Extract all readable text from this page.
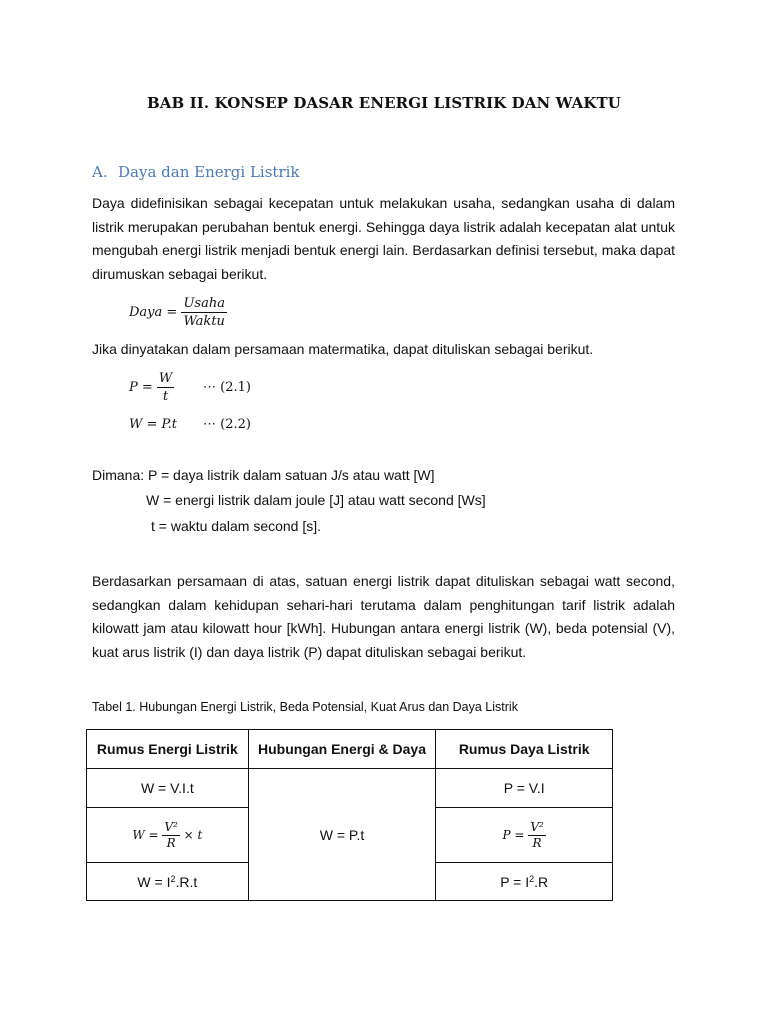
BAB II. KONSEP DASAR ENERGI LISTRIK DAN WAKTU
A. Daya dan Energi Listrik
Daya didefinisikan sebagai kecepatan untuk melakukan usaha, sedangkan usaha di dalam listrik merupakan perubahan bentuk energi. Sehingga daya listrik adalah kecepatan alat untuk mengubah energi listrik menjadi bentuk energi lain. Berdasarkan definisi tersebut, maka dapat dirumuskan sebagai berikut.
Daya = $\frac{\text{Usaha}}{\text{Waktu}}$
Jika dinyatakan dalam persamaan matermatika, dapat dituliskan sebagai berikut.
$P = \frac{W}{t}$ ⋯ (2.1)
W = P.t ⋯ (2.2)
Dimana: P = daya listrik dalam satuan J/s atau watt [W]
W = energi listrik dalam joule [J] atau watt second [Ws]
t = waktu dalam second [s].
Berdasarkan persamaan di atas, satuan energi listrik dapat dituliskan sebagai watt second, sedangkan dalam kehidupan sehari-hari terutama dalam penghitungan tarif listrik adalah kilowatt jam atau kilowatt hour [kWh]. Hubungan antara energi listrik (W), beda potensial (V), kuat arus listrik (I) dan daya listrik (P) dapat dituliskan sebagai berikut.
Tabel 1. Hubungan Energi Listrik, Beda Potensial, Kuat Arus dan Daya Listrik
Rumus Energi Listrik	Hubungan Energi & Daya	Rumus Daya Listrik
W = V.I.t	W = P.t	P = V.I
$W = \frac{\text{V²}}{R} \times t$		$P = \frac{\text{V²}}{R}$

$W = I^2.R.t$		$P = I^2.R$
